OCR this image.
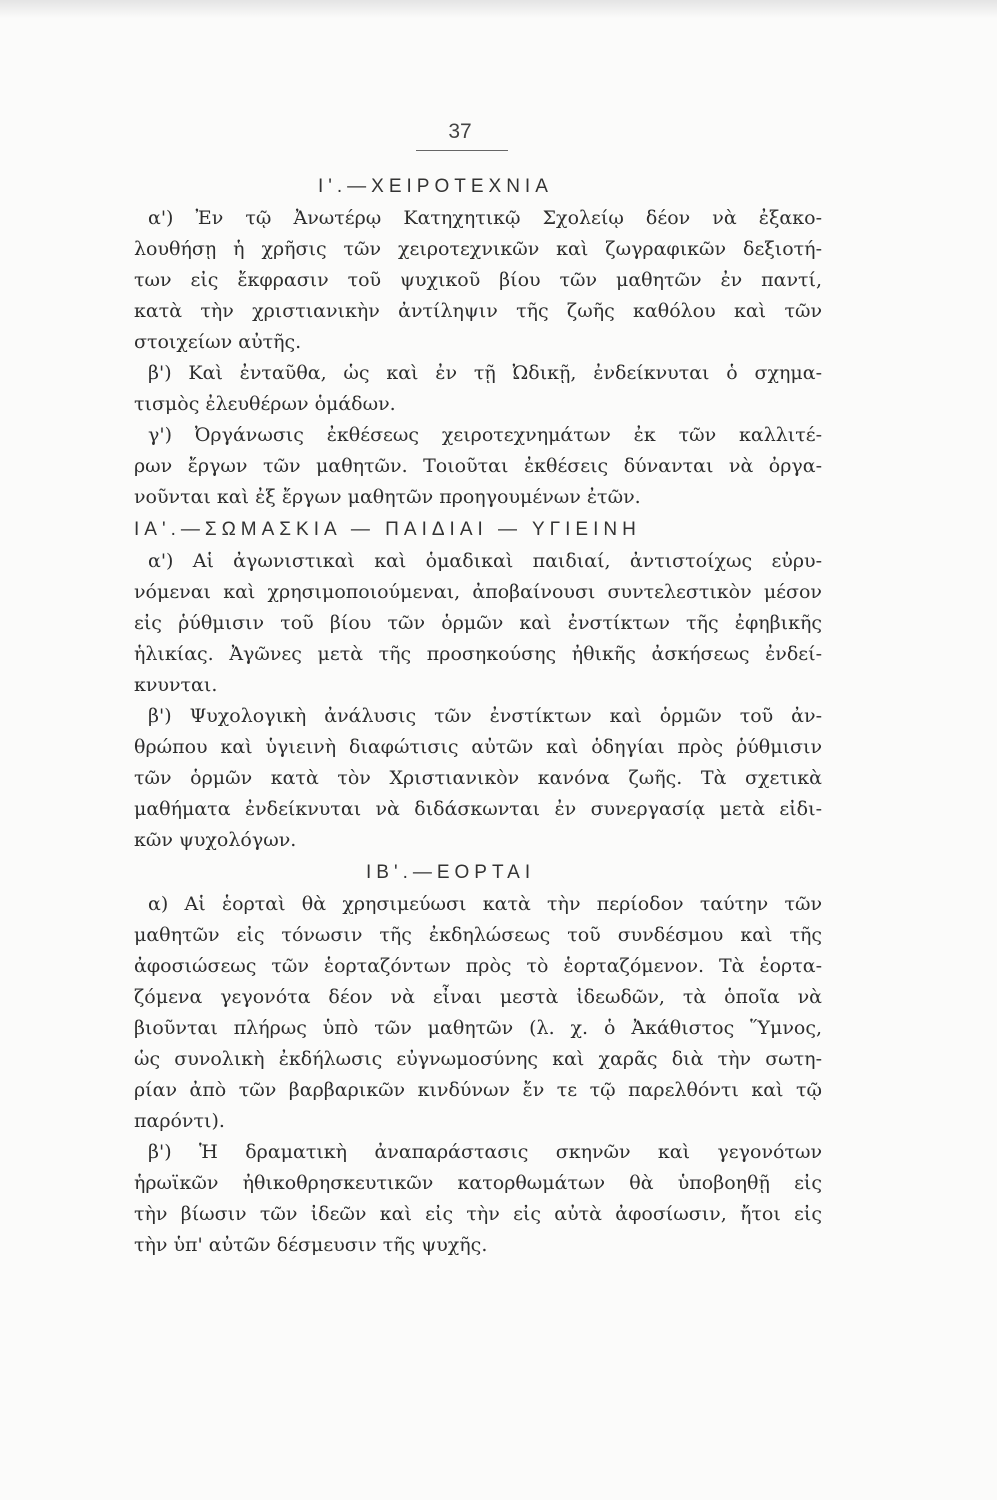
37
Ι'.—ΧΕΙΡΟΤΕΧΝΙΑ
α') Ἐν τῷ Ἀνωτέρῳ Κατηχητικῷ Σχολείῳ δέον νὰ ἐξακο-
λουθήσῃ ἡ χρῆσις τῶν χειροτεχνικῶν καὶ ζωγραφικῶν δεξιοτή-
των εἰς ἔκφρασιν τοῦ ψυχικοῦ βίου τῶν μαθητῶν ἐν παντί,
κατὰ τὴν χριστιανικὴν ἀντίληψιν τῆς ζωῆς καθόλου καὶ τῶν
στοιχείων αὐτῆς.
β') Καὶ ἐνταῦθα, ὡς καὶ ἐν τῇ Ὠδικῇ, ἐνδείκνυται ὁ σχημα-
τισμὸς ἐλευθέρων ὁμάδων.
γ') Ὀργάνωσις ἐκθέσεως χειροτεχνημάτων ἐκ τῶν καλλιτέ-
ρων ἔργων τῶν μαθητῶν. Τοιοῦται ἐκθέσεις δύνανται νὰ ὀργα-
νοῦνται καὶ ἐξ ἔργων μαθητῶν προηγουμένων ἐτῶν.
ΙΑ'.—ΣΩΜΑΣΚΙΑ — ΠΑΙΔΙΑΙ — ΥΓΙΕΙΝΗ
α') Αἱ ἀγωνιστικαὶ καὶ ὁμαδικαὶ παιδιαί, ἀντιστοίχως εὐρυ-
νόμεναι καὶ χρησιμοποιούμεναι, ἀποβαίνουσι συντελεστικὸν μέσον
εἰς ῥύθμισιν τοῦ βίου τῶν ὁρμῶν καὶ ἐνστίκτων τῆς ἐφηβικῆς
ἡλικίας. Ἀγῶνες μετὰ τῆς προσηκούσης ἠθικῆς ἀσκήσεως ἐνδεί-
κνυνται.
β') Ψυχολογικὴ ἀνάλυσις τῶν ἐνστίκτων καὶ ὁρμῶν τοῦ ἀν-
θρώπου καὶ ὑγιεινὴ διαφώτισις αὐτῶν καὶ ὁδηγίαι πρὸς ῥύθμισιν
τῶν ὁρμῶν κατὰ τὸν Χριστιανικὸν κανόνα ζωῆς. Τὰ σχετικὰ
μαθήματα ἐνδείκνυται νὰ διδάσκωνται ἐν συνεργασίᾳ μετὰ εἰδι-
κῶν ψυχολόγων.
ΙΒ'.—ΕΟΡΤΑΙ
α) Αἱ ἑορταὶ θὰ χρησιμεύωσι κατὰ τὴν περίοδον ταύτην τῶν
μαθητῶν εἰς τόνωσιν τῆς ἐκδηλώσεως τοῦ συνδέσμου καὶ τῆς
ἀφοσιώσεως τῶν ἑορταζόντων πρὸς τὸ ἑορταζόμενον. Τὰ ἑορτα-
ζόμενα γεγονότα δέον νὰ εἶναι μεστὰ ἰδεωδῶν, τὰ ὁποῖα νὰ
βιοῦνται πλήρως ὑπὸ τῶν μαθητῶν (λ. χ. ὁ Ἀκάθιστος Ὕμνος,
ὡς συνολικὴ ἐκδήλωσις εὐγνωμοσύνης καὶ χαρᾶς διὰ τὴν σωτη-
ρίαν ἀπὸ τῶν βαρβαρικῶν κινδύνων ἔν τε τῷ παρελθόντι καὶ τῷ
παρόντι).
β') Ἡ δραματικὴ ἀναπαράστασις σκηνῶν καὶ γεγονότων
ἡρωϊκῶν ἠθικοθρησκευτικῶν κατορθωμάτων θὰ ὑποβοηθῇ εἰς
τὴν βίωσιν τῶν ἰδεῶν καὶ εἰς τὴν εἰς αὐτὰ ἀφοσίωσιν, ἤτοι εἰς
τὴν ὑπ' αὐτῶν δέσμευσιν τῆς ψυχῆς.
